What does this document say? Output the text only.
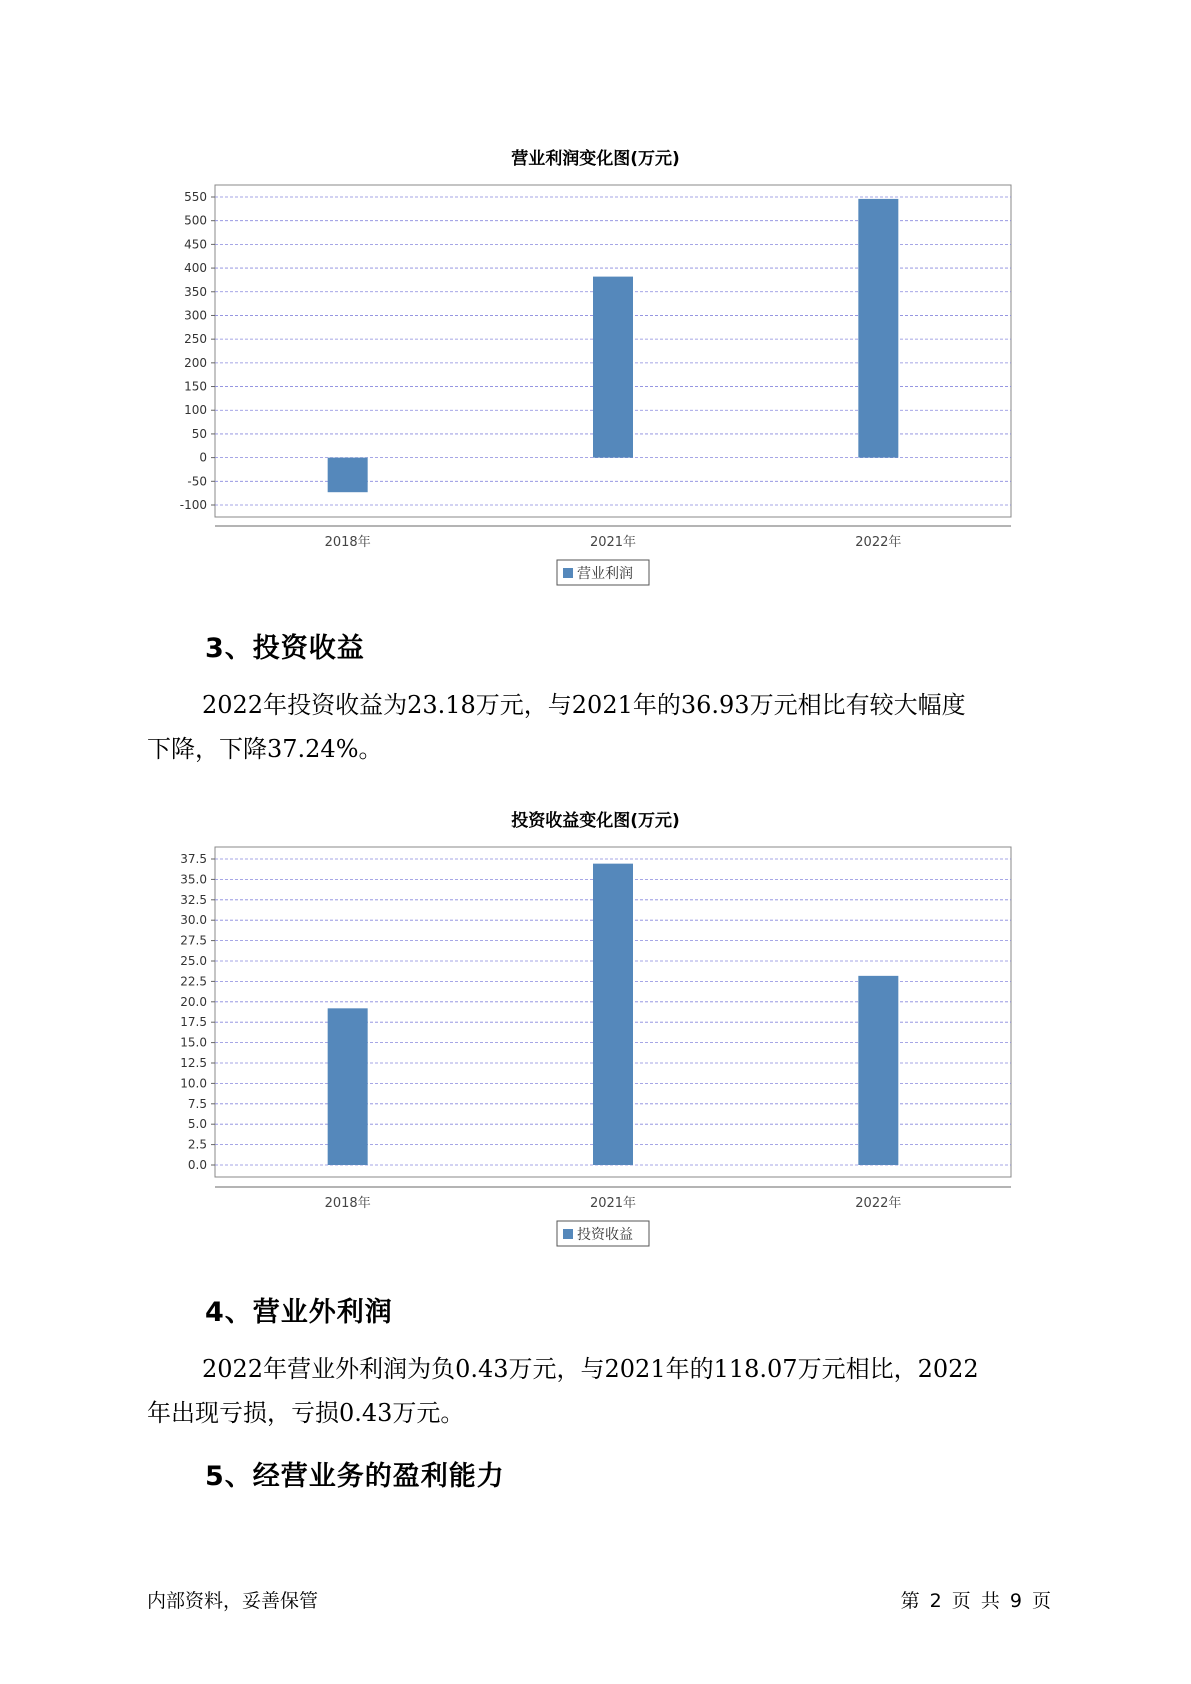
营业利润变化图(万元)
550
500
450
400
350
300
250
200
150
100
50
0
-50
-100
2018年	2021年	2022年
营业利润
3、投资收益

2022年投资收益为23.18万元，与2021年的36.93万元相比有较大幅度
下降，下降37.24%。

投资收益变化图(万元)
37.5
35.0
32.5
30.0
27.5
25.0
22.5
20.0
17.5
15.0
12.5
10.0
7.5
5.0
2.5
0.0
2018年	2021年	2022年
投资收益
4、营业外利润

2022年营业外利润为负0.43万元，与2021年的118.07万元相比，2022
年出现亏损，亏损0.43万元。

5、经营业务的盈利能力
内部资料，妥善保管	第 2 页 共 9 页
